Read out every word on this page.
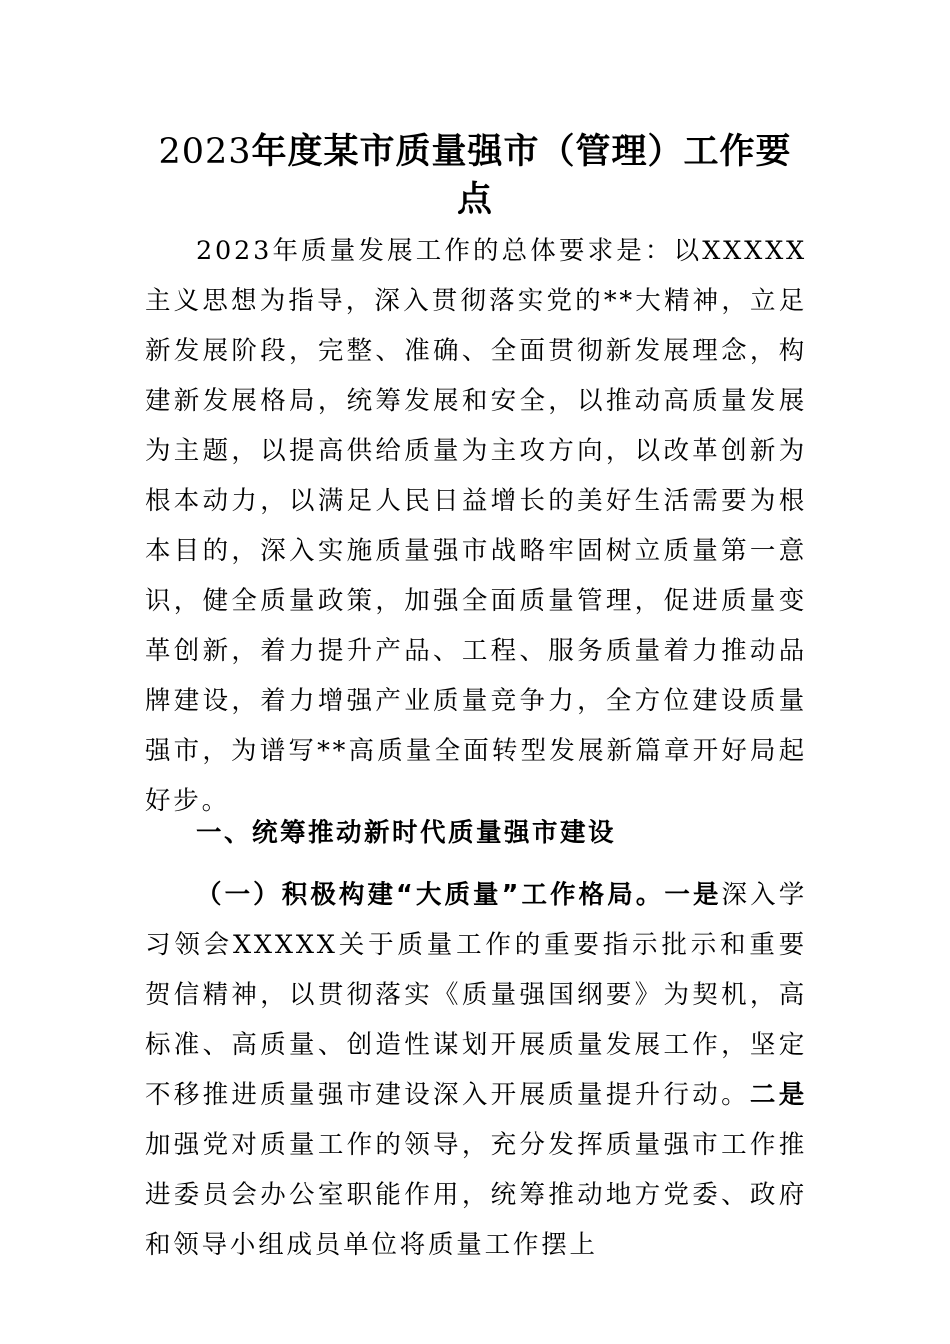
2023年度某市质量强市（管理）工作要点
2023年质量发展工作的总体要求是：以XXXXX主义思想为指导，深入贯彻落实党的**大精神，立足新发展阶段，完整、准确、全面贯彻新发展理念，构建新发展格局，统筹发展和安全，以推动高质量发展为主题，以提高供给质量为主攻方向，以改革创新为根本动力，以满足人民日益增长的美好生活需要为根本目的，深入实施质量强市战略牢固树立质量第一意识，健全质量政策，加强全面质量管理，促进质量变革创新，着力提升产品、工程、服务质量着力推动品牌建设，着力增强产业质量竞争力，全方位建设质量强市，为谱写**高质量全面转型发展新篇章开好局起好步。
一、统筹推动新时代质量强市建设
（一）积极构建“大质量”工作格局。一是深入学习领会XXXXX关于质量工作的重要指示批示和重要贺信精神，以贯彻落实《质量强国纲要》为契机，高标准、高质量、创造性谋划开展质量发展工作，坚定不移推进质量强市建设深入开展质量提升行动。二是加强党对质量工作的领导，充分发挥质量强市工作推进委员会办公室职能作用，统筹推动地方党委、政府和领导小组成员单位将质量工作摆上
